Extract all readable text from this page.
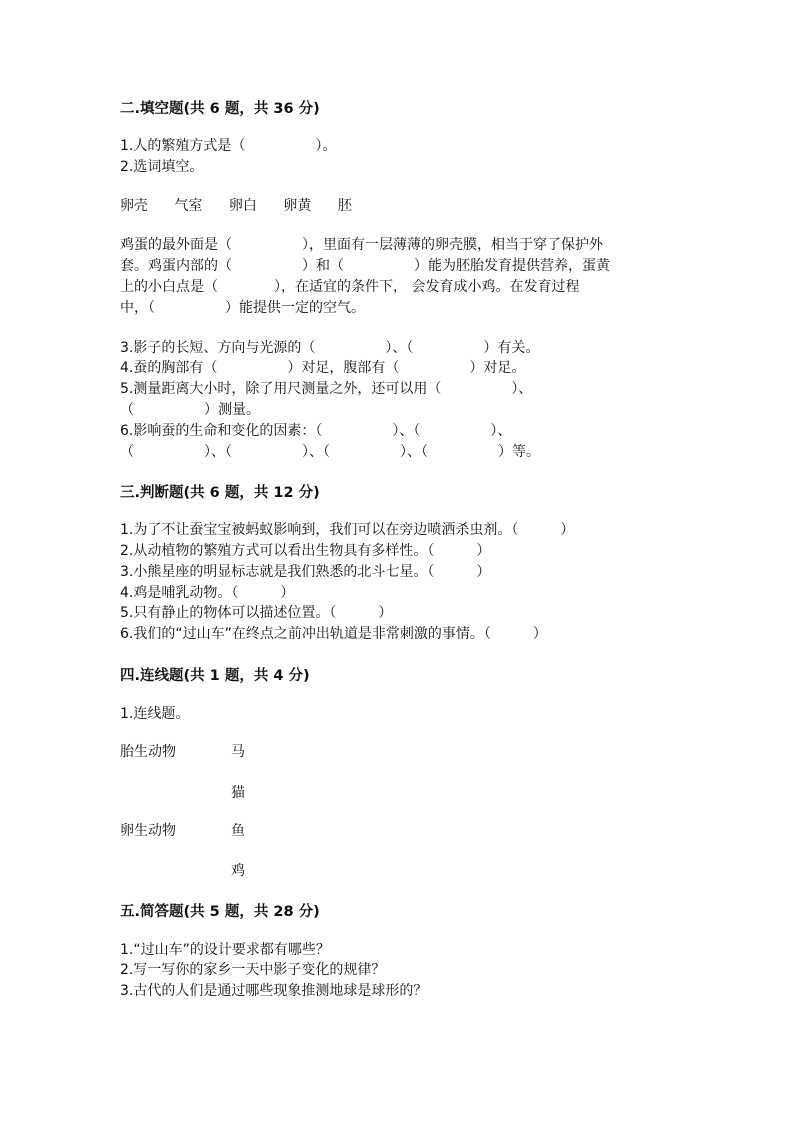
二.填空题(共 6 题，共 36 分)
1.人的繁殖方式是（　　　　　）。
2.选词填空。
卵壳 气室 卵白 卵黄 胚
鸡蛋的最外面是（　　　　　），里面有一层薄薄的卵壳膜，相当于穿了保护外
套。鸡蛋内部的（　　　　　）和（　　　　　）能为胚胎发育提供营养，蛋黄
上的小白点是（　　　　），在适宜的条件下， 会发育成小鸡。在发育过程
中，（　　　　　）能提供一定的空气。
3.影子的长短、方向与光源的（　　　　　）、（　　　　　）有关。
4.蚕的胸部有（　　　　　）对足，腹部有（　　　　　）对足。
5.测量距离大小时，除了用尺测量之外，还可以用（　　　　　）、
（　　　　　）测量。
6.影响蚕的生命和变化的因素：（　　　　　）、（　　　　　）、
（　　　　　）、（　　　　　）、（　　　　　）、（　　　　　）等。
三.判断题(共 6 题，共 12 分)
1.为了不让蚕宝宝被蚂蚁影响到，我们可以在旁边喷洒杀虫剂。（　　　）
2.从动植物的繁殖方式可以看出生物具有多样性。（　　　）
3.小熊星座的明显标志就是我们熟悉的北斗七星。（　　　）
4.鸡是哺乳动物。（　　　）
5.只有静止的物体可以描述位置。（　　　）
6.我们的“过山车”在终点之前冲出轨道是非常刺激的事情。（　　　）
四.连线题(共 1 题，共 4 分)
1.连线题。
胎生动物	马
猫
卵生动物	鱼
鸡
五.简答题(共 5 题，共 28 分)
1.“过山车”的设计要求都有哪些？
2.写一写你的家乡一天中影子变化的规律？
3.古代的人们是通过哪些现象推测地球是球形的？
